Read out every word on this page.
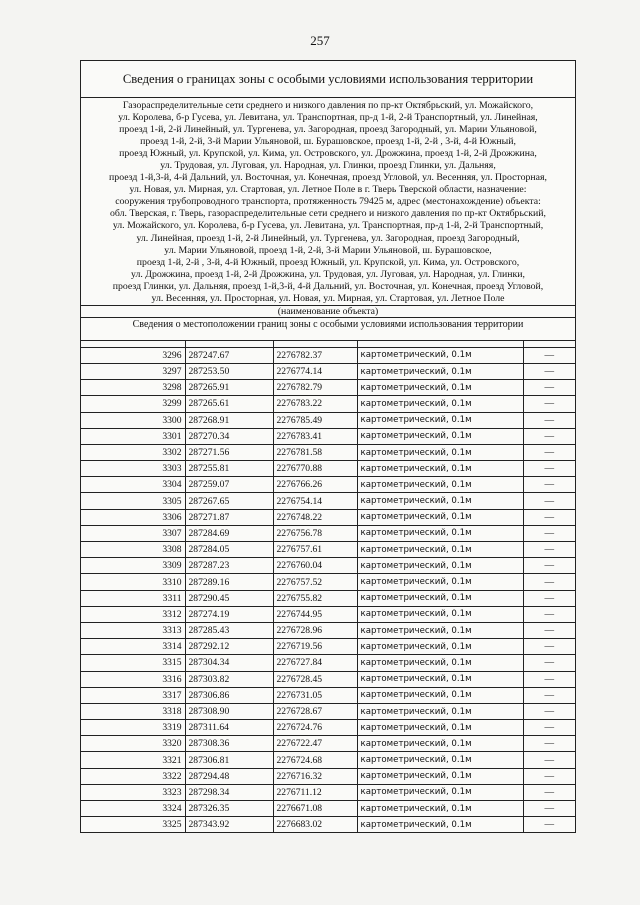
257
Сведения о границах зоны с особыми условиями использования территории
Газораспределительные сети среднего и низкого давления по пр-кт Октябрьский, ул. Можайского,
ул. Королева, б-р Гусева, ул. Левитана, ул. Транспортная, пр-д 1-й, 2-й Транспортный, ул. Линейная,
проезд 1-й, 2-й Линейный, ул. Тургенева, ул. Загородная, проезд Загородный, ул. Марии Ульяновой,
проезд 1-й, 2-й, 3-й Марии Ульяновой, ш. Бурашовское, проезд 1-й, 2-й , 3-й, 4-й Южный,
проезд Южный, ул. Крупской, ул. Кима, ул. Островского, ул. Дрожжина, проезд 1-й, 2-й Дрожжина,
ул. Трудовая, ул. Луговая, ул. Народная, ул. Глинки, проезд Глинки, ул. Дальняя,
проезд 1-й,3-й, 4-й Дальний, ул. Восточная, ул. Конечная, проезд Угловой, ул. Весенняя, ул. Просторная,
ул. Новая, ул. Мирная, ул. Стартовая, ул. Летное Поле в г. Тверь Тверской области, назначение:
сооружения трубопроводного транспорта, протяженность 79425 м, адрес (местонахождение) объекта:
обл. Тверская, г. Тверь, газораспределительные сети среднего и низкого давления по пр-кт Октябрьский,
ул. Можайского, ул. Королева, б-р Гусева, ул. Левитана, ул. Транспортная, пр-д 1-й, 2-й Транспортный,
ул. Линейная, проезд 1-й, 2-й Линейный, ул. Тургенева, ул. Загородная, проезд Загородный,
ул. Марии Ульяновой, проезд 1-й, 2-й, 3-й Марии Ульяновой, ш. Бурашовское,
проезд 1-й, 2-й , 3-й, 4-й Южный, проезд Южный, ул. Крупской, ул. Кима, ул. Островского,
ул. Дрожжина, проезд 1-й, 2-й Дрожжина, ул. Трудовая, ул. Луговая, ул. Народная, ул. Глинки,
проезд Глинки, ул. Дальняя, проезд 1-й,3-й, 4-й Дальний, ул. Восточная, ул. Конечная, проезд Угловой,
ул. Весенняя, ул. Просторная, ул. Новая, ул. Мирная, ул. Стартовая, ул. Летное Поле
(наименование объекта)
Сведения о местоположении границ зоны с особыми условиями использования территории

3296	287247.67	2276782.37	картометрический, 0.1м	—
3297	287253.50	2276774.14	картометрический, 0.1м	—
3298	287265.91	2276782.79	картометрический, 0.1м	—
3299	287265.61	2276783.22	картометрический, 0.1м	—
3300	287268.91	2276785.49	картометрический, 0.1м	—
3301	287270.34	2276783.41	картометрический, 0.1м	—
3302	287271.56	2276781.58	картометрический, 0.1м	—
3303	287255.81	2276770.88	картометрический, 0.1м	—
3304	287259.07	2276766.26	картометрический, 0.1м	—
3305	287267.65	2276754.14	картометрический, 0.1м	—
3306	287271.87	2276748.22	картометрический, 0.1м	—
3307	287284.69	2276756.78	картометрический, 0.1м	—
3308	287284.05	2276757.61	картометрический, 0.1м	—
3309	287287.23	2276760.04	картометрический, 0.1м	—
3310	287289.16	2276757.52	картометрический, 0.1м	—
3311	287290.45	2276755.82	картометрический, 0.1м	—
3312	287274.19	2276744.95	картометрический, 0.1м	—
3313	287285.43	2276728.96	картометрический, 0.1м	—
3314	287292.12	2276719.56	картометрический, 0.1м	—
3315	287304.34	2276727.84	картометрический, 0.1м	—
3316	287303.82	2276728.45	картометрический, 0.1м	—
3317	287306.86	2276731.05	картометрический, 0.1м	—
3318	287308.90	2276728.67	картометрический, 0.1м	—
3319	287311.64	2276724.76	картометрический, 0.1м	—
3320	287308.36	2276722.47	картометрический, 0.1м	—
3321	287306.81	2276724.68	картометрический, 0.1м	—
3322	287294.48	2276716.32	картометрический, 0.1м	—
3323	287298.34	2276711.12	картометрический, 0.1м	—
3324	287326.35	2276671.08	картометрический, 0.1м	—
3325	287343.92	2276683.02	картометрический, 0.1м	—
